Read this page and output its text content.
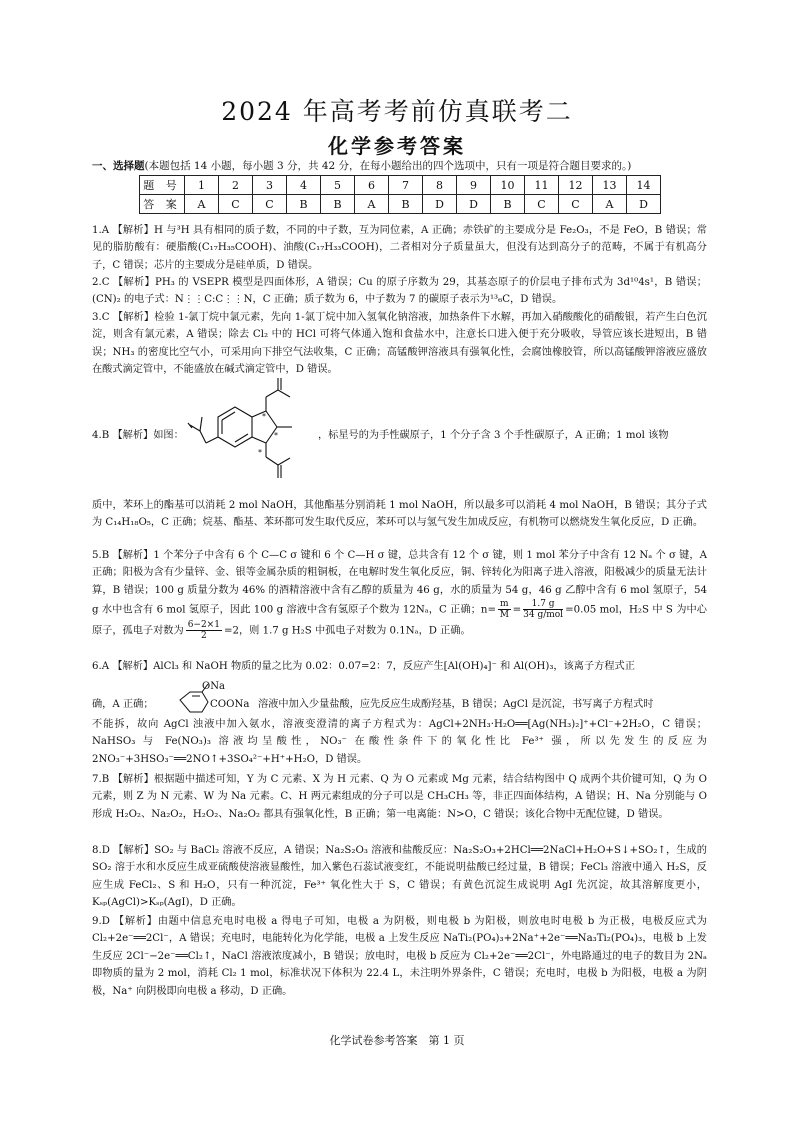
2024 年高考考前仿真联考二
化学参考答案
一、选择题(本题包括 14 小题，每小题 3 分，共 42 分，在每小题给出的四个选项中，只有一项是符合题目要求的。)
题 号	1	2	3	4	5	6	7	8	9	10	11	12	13	14
答 案	A	C	C	B	B	A	B	D	D	B	C	C	A	D
1.A 【解析】H 与³H 具有相同的质子数，不同的中子数，互为同位素，A 正确；赤铁矿的主要成分是 Fe₂O₃，不是 FeO，B 错误；常见的脂肪酸有：硬脂酸(C₁₇H₃₅COOH)、油酸(C₁₇H₃₃COOH)，二者相对分子质量虽大，但没有达到高分子的范畴，不属于有机高分子，C 错误；芯片的主要成分是硅单质，D 错误。
2.C 【解析】PH₃ 的 VSEPR 模型是四面体形，A 错误；Cu 的原子序数为 29，其基态原子的价层电子排布式为 3d¹⁰4s¹，B 错误；(CN)₂ 的电子式：N⋮⋮C:C⋮⋮N，C 正确；质子数为 6，中子数为 7 的碳原子表示为¹³₆C，D 错误。
3.C 【解析】检验 1-氯丁烷中氯元素，先向 1-氯丁烷中加入氢氧化钠溶液，加热条件下水解，再加入硝酸酸化的硝酸银，若产生白色沉淀，则含有氯元素，A 错误；除去 Cl₂ 中的 HCl 可将气体通入饱和食盐水中，注意长口进入便于充分吸收，导管应该长进短出，B 错误；NH₃ 的密度比空气小，可采用向下排空气法收集，C 正确；高锰酸钾溶液具有强氧化性，会腐蚀橡胶管，所以高锰酸钾溶液应盛放在酸式滴定管中，不能盛放在碱式滴定管中，D 错误。
*
*
*
4.B 【解析】如图：	，标星号的为手性碳原子，1 个分子含 3 个手性碳原子，A 正确；1 mol 该物
质中，苯环上的酯基可以消耗 2 mol NaOH，其他酯基分别消耗 1 mol NaOH，所以最多可以消耗 4 mol NaOH，B 错误；其分子式为 C₁₄H₁₈O₅，C 正确；烷基、酯基、苯环都可发生取代反应，苯环可以与氢气发生加成反应，有机物可以燃烧发生氧化反应，D 正确。
5.B 【解析】1 个苯分子中含有 6 个 C—C σ 键和 6 个 C—H σ 键，总共含有 12 个 σ 键，则 1 mol 苯分子中含有 12 Nₐ 个 σ 键，A 正确；阳极为含有少量锌、金、银等金属杂质的粗铜板，在电解时发生氧化反应，铜、锌转化为阳离子进入溶液，阳极减少的质量无法计算，B 错误；100 g 质量分数为 46% 的酒精溶液中含有乙醇的质量为 46 g，水的质量为 54 g，46 g 乙醇中含有 6 mol 氢原子，54 g 水中也含有 6 mol 氢原子，因此 100 g 溶液中含有氢原子个数为 12Nₐ，C 正确；$n= \frac{m}{M} = \frac{1.7 g}{\text{34 g/mol}} =0.05$ mol，H₂S 中 S 为中心原子，孤电子对数为 $\frac{6-2\times 1}{2} =2$，则 1.7 g H₂S 中孤电子对数为 0.1Nₐ，D 正确。
6.A 【解析】AlCl₃ 和 NaOH 物质的量之比为 0.02：0.07=2：7，反应产生[Al(OH)₄]⁻ 和 Al(OH)₃，该离子方程式正
ONa
确，A 正确；	COONa 溶液中加入少量盐酸，应先反应生成酚羟基，B 错误；AgCl 是沉淀，书写离子方程式时
不能拆，故向 AgCl 浊液中加入氨水，溶液变澄清的离子方程式为：AgCl+2NH₃·H₂O══[Ag(NH₃)₂]⁺+Cl⁻+2H₂O，C 错误；NaHSO₃ 与 Fe(NO₃)₃ 溶液均呈酸性，NO₃⁻ 在酸性条件下的氧化性比 Fe³⁺ 强，所以先发生的反应为 2NO₃⁻+3HSO₃⁻══2NO↑+3SO₄²⁻+H⁺+H₂O，D 错误。
7.B 【解析】根据题中描述可知，Y 为 C 元素、X 为 H 元素、Q 为 O 元素或 Mg 元素，结合结构图中 Q 成两个共价键可知，Q 为 O 元素，则 Z 为 N 元素、W 为 Na 元素。C、H 两元素组成的分子可以是 CH₃CH₃ 等，非正四面体结构，A 错误；H、Na 分别能与 O 形成 H₂O₂、Na₂O₂，H₂O₂、Na₂O₂ 都具有强氧化性，B 正确；第一电离能：N>O，C 错误；该化合物中无配位键，D 错误。
8.D 【解析】SO₂ 与 BaCl₂ 溶液不反应，A 错误；Na₂S₂O₃ 溶液和盐酸反应：Na₂S₂O₃+2HCl══2NaCl+H₂O+S↓+SO₂↑，生成的 SO₂ 溶于水和水反应生成亚硫酸使溶液显酸性，加入紫色石蕊试液变红，不能说明盐酸已经过量，B 错误；FeCl₃ 溶液中通入 H₂S，反应生成 FeCl₂、S 和 H₂O，只有一种沉淀，Fe³⁺ 氧化性大于 S，C 错误；有黄色沉淀生成说明 AgI 先沉淀，故其溶解度更小，Kₛₚ(AgCl)>Kₛₚ(AgI)，D 正确。
9.D 【解析】由题中信息充电时电极 a 得电子可知，电极 a 为阴极，则电极 b 为阳极，则放电时电极 b 为正极，电极反应式为 Cl₂+2e⁻══2Cl⁻，A 错误；充电时，电能转化为化学能，电极 a 上发生反应 NaTi₂(PO₄)₃+2Na⁺+2e⁻══Na₃Ti₂(PO₄)₃，电极 b 上发生反应 2Cl⁻−2e⁻══Cl₂↑，NaCl 溶液浓度减小，B 错误；放电时，电极 b 反应为 Cl₂+2e⁻══2Cl⁻，外电路通过的电子的数目为 2Nₐ 即物质的量为 2 mol，消耗 Cl₂ 1 mol，标准状况下体积为 22.4 L，未注明外界条件，C 错误；充电时，电极 b 为阳极，电极 a 为阴极，Na⁺ 向阴极即向电极 a 移动，D 正确。
化学试卷参考答案　第 1 页
